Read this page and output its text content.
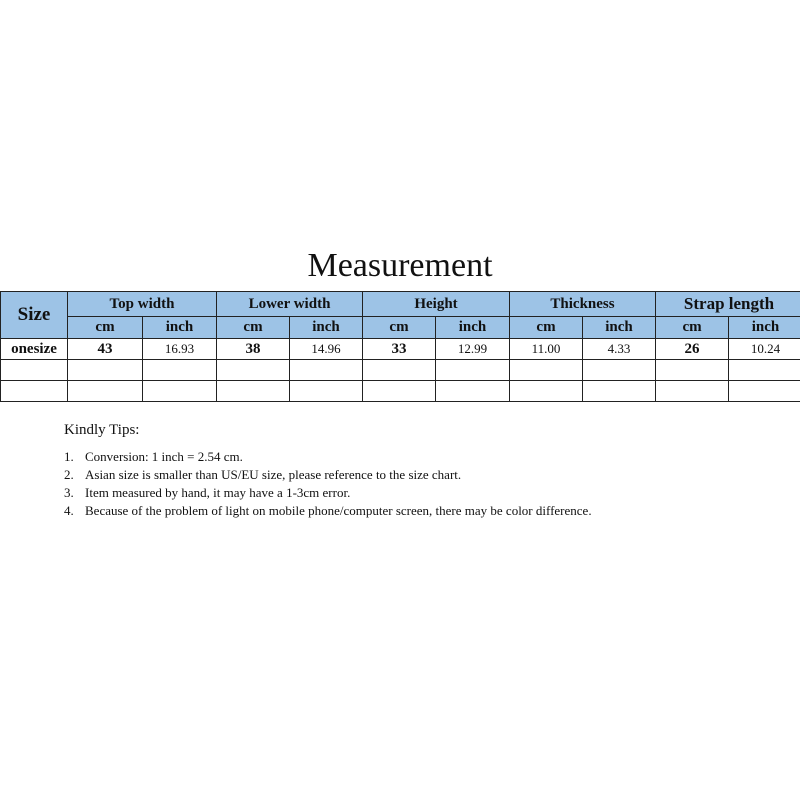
Measurement
Size	Top width		Lower width		Height		Thickness		Strap length	
	cm	inch	cm	inch	cm	inch	cm	inch	cm	inch
onesize	43	16.93	38	14.96	33	12.99	11.00	4.33	26	10.24

Kindly Tips:

1. Conversion: 1 inch = 2.54 cm.
2. Asian size is smaller than US/EU size, please reference to the size chart.
3. Item measured by hand, it may have a 1-3cm error.
4. Because of the problem of light on mobile phone/computer screen, there may be color difference.
